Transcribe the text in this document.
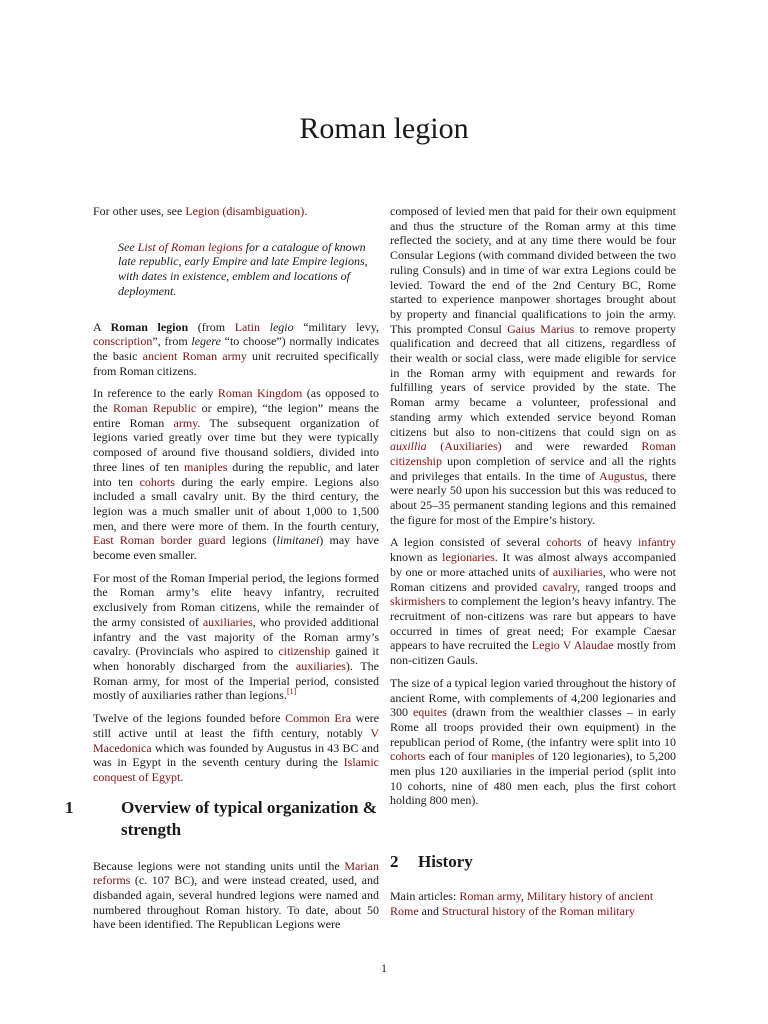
Roman legion

For other uses, see Legion (disambiguation).

See List of Roman legions for a catalogue of known late republic, early Empire and late Empire legions, with dates in existence, emblem and locations of deployment.

A Roman legion (from Latin legio “military levy, conscription”, from legere “to choose”) normally indicates the basic ancient Roman army unit recruited specifically from Roman citizens.

In reference to the early Roman Kingdom (as opposed to the Roman Republic or empire), “the legion” means the entire Roman army. The subsequent organization of legions varied greatly over time but they were typically composed of around five thousand soldiers, divided into three lines of ten maniples during the republic, and later into ten cohorts during the early empire. Legions also included a small cavalry unit. By the third century, the legion was a much smaller unit of about 1,000 to 1,500 men, and there were more of them. In the fourth century, East Roman border guard legions (limitanei) may have become even smaller.

For most of the Roman Imperial period, the legions formed the Roman army’s elite heavy infantry, recruited exclusively from Roman citizens, while the remainder of the army consisted of auxiliaries, who provided additional infantry and the vast majority of the Roman army’s cavalry. (Provincials who aspired to citizenship gained it when honorably discharged from the auxiliaries). The Roman army, for most of the Imperial period, consisted mostly of auxiliaries rather than legions.[1]

Twelve of the legions founded before Common Era were still active until at least the fifth century, notably V Macedonica which was founded by Augustus in 43 BC and was in Egypt in the seventh century during the Islamic conquest of Egypt.

1	Overview of typical organization & strength

Because legions were not standing units until the Marian reforms (c. 107 BC), and were instead created, used, and disbanded again, several hundred legions were named and numbered throughout Roman history. To date, about 50 have been identified. The Republican Legions were

composed of levied men that paid for their own equipment and thus the structure of the Roman army at this time reflected the society, and at any time there would be four Consular Legions (with command divided between the two ruling Consuls) and in time of war extra Legions could be levied. Toward the end of the 2nd Century BC, Rome started to experience manpower shortages brought about by property and financial qualifications to join the army. This prompted Consul Gaius Marius to remove property qualification and decreed that all citizens, regardless of their wealth or social class, were made eligible for service in the Roman army with equipment and rewards for fulfilling years of service provided by the state. The Roman army became a volunteer, professional and standing army which extended service beyond Roman citizens but also to non-citizens that could sign on as auxillia (Auxiliaries) and were rewarded Roman citizenship upon completion of service and all the rights and privileges that entails. In the time of Augustus, there were nearly 50 upon his succession but this was reduced to about 25–35 permanent standing legions and this remained the figure for most of the Empire’s history.

A legion consisted of several cohorts of heavy infantry known as legionaries. It was almost always accompanied by one or more attached units of auxiliaries, who were not Roman citizens and provided cavalry, ranged troops and skirmishers to complement the legion’s heavy infantry. The recruitment of non-citizens was rare but appears to have occurred in times of great need; For example Caesar appears to have recruited the Legio V Alaudae mostly from non-citizen Gauls.

The size of a typical legion varied throughout the history of ancient Rome, with complements of 4,200 legionaries and 300 equites (drawn from the wealthier classes – in early Rome all troops provided their own equipment) in the republican period of Rome, (the infantry were split into 10 cohorts each of four maniples of 120 legionaries), to 5,200 men plus 120 auxiliaries in the imperial period (split into 10 cohorts, nine of 480 men each, plus the first cohort holding 800 men).

2 History

Main articles: Roman army, Military history of ancient Rome and Structural history of the Roman military

1
